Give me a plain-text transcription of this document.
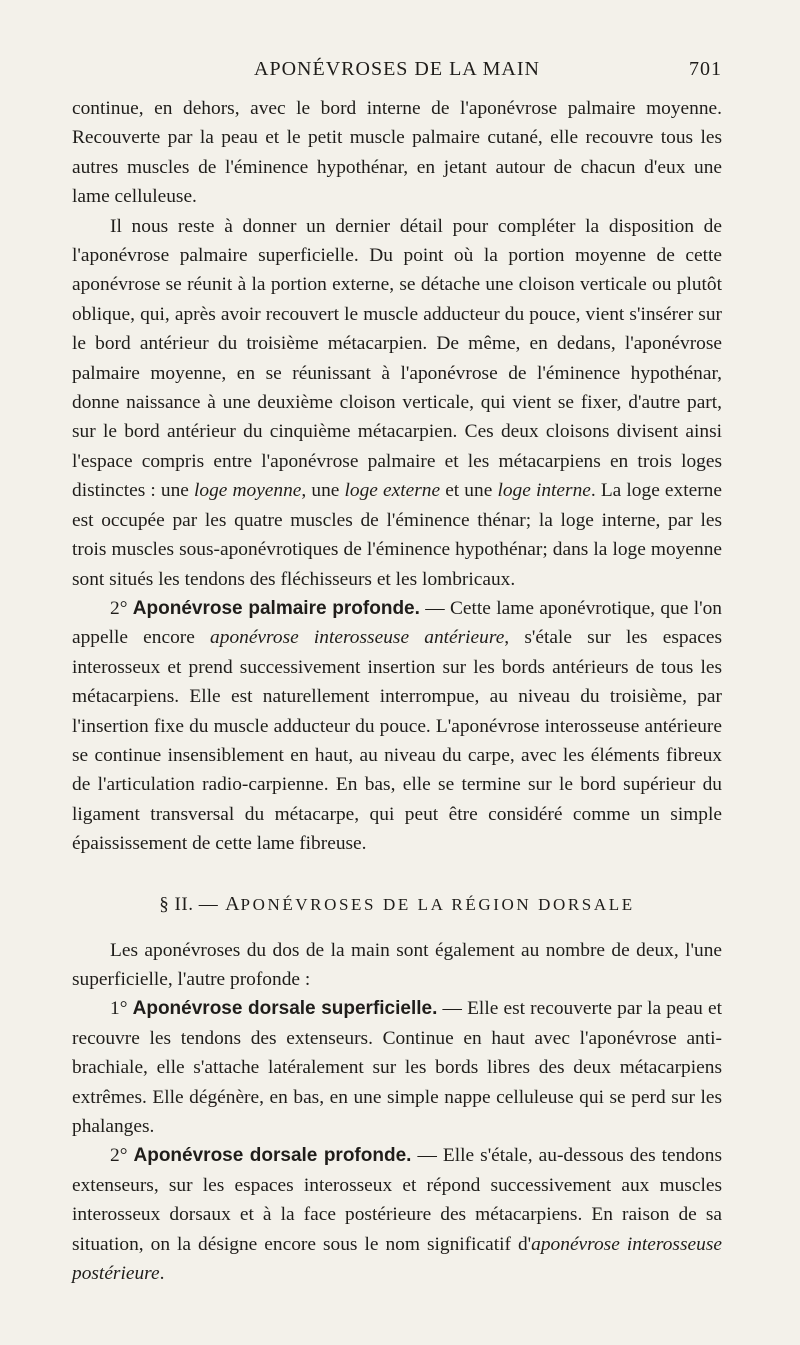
APONÉVROSES DE LA MAIN	701

continue, en dehors, avec le bord interne de l'aponévrose palmaire moyenne. Recouverte par la peau et le petit muscle palmaire cutané, elle recouvre tous les autres muscles de l'éminence hypothénar, en jetant autour de chacun d'eux une lame celluleuse.

Il nous reste à donner un dernier détail pour compléter la disposition de l'aponévrose palmaire superficielle. Du point où la portion moyenne de cette aponévrose se réunit à la portion externe, se détache une cloison verticale ou plutôt oblique, qui, après avoir recouvert le muscle adducteur du pouce, vient s'insérer sur le bord antérieur du troisième métacarpien. De même, en dedans, l'aponévrose palmaire moyenne, en se réunissant à l'aponévrose de l'éminence hypothénar, donne naissance à une deuxième cloison verticale, qui vient se fixer, d'autre part, sur le bord antérieur du cinquième métacarpien. Ces deux cloisons divisent ainsi l'espace compris entre l'aponévrose palmaire et les métacarpiens en trois loges distinctes : une loge moyenne, une loge externe et une loge interne. La loge externe est occupée par les quatre muscles de l'éminence thénar; la loge interne, par les trois muscles sous-aponévrotiques de l'éminence hypothénar; dans la loge moyenne sont situés les tendons des fléchisseurs et les lombricaux.

2° Aponévrose palmaire profonde. — Cette lame aponévrotique, que l'on appelle encore aponévrose interosseuse antérieure, s'étale sur les espaces interosseux et prend successivement insertion sur les bords antérieurs de tous les métacarpiens. Elle est naturellement interrompue, au niveau du troisième, par l'insertion fixe du muscle adducteur du pouce. L'aponévrose interosseuse antérieure se continue insensiblement en haut, au niveau du carpe, avec les éléments fibreux de l'articulation radio-carpienne. En bas, elle se termine sur le bord supérieur du ligament transversal du métacarpe, qui peut être considéré comme un simple épaississement de cette lame fibreuse.

§ II. — APONÉVROSES DE LA RÉGION DORSALE

Les aponévroses du dos de la main sont également au nombre de deux, l'une superficielle, l'autre profonde :

1° Aponévrose dorsale superficielle. — Elle est recouverte par la peau et recouvre les tendons des extenseurs. Continue en haut avec l'aponévrose anti-brachiale, elle s'attache latéralement sur les bords libres des deux métacarpiens extrêmes. Elle dégénère, en bas, en une simple nappe celluleuse qui se perd sur les phalanges.

2° Aponévrose dorsale profonde. — Elle s'étale, au-dessous des tendons extenseurs, sur les espaces interosseux et répond successivement aux muscles interosseux dorsaux et à la face postérieure des métacarpiens. En raison de sa situation, on la désigne encore sous le nom significatif d'aponévrose interosseuse postérieure.
